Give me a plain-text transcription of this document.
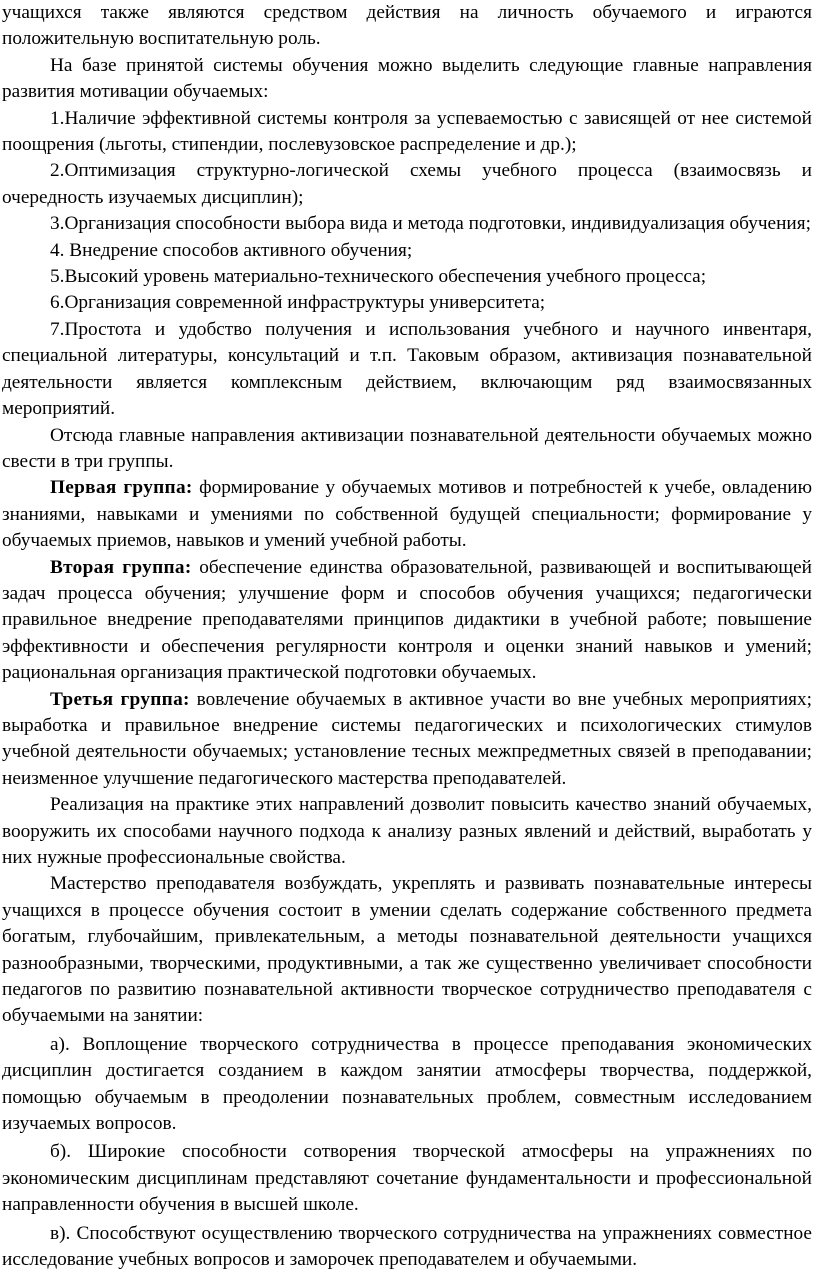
учащихся также являются средством действия на личность обучаемого и играются положительную воспитательную роль.

На базе принятой системы обучения можно выделить следующие главные направления развития мотивации обучаемых:

1.Наличие эффективной системы контроля за успеваемостью с зависящей от нее системой поощрения (льготы, стипендии, послевузовское распределение и др.);

2.Оптимизация структурно-логической схемы учебного процесса (взаимосвязь и очередность изучаемых дисциплин);

3.Организация способности выбора вида и метода подготовки, индивидуализация обучения;

4. Внедрение способов активного обучения;

5.Высокий уровень материально-технического обеспечения учебного процесса;

6.Организация современной инфраструктуры университета;

7.Простота и удобство получения и использования учебного и научного инвентаря, специальной литературы, консультаций и т.п. Таковым образом, активизация познавательной деятельности является комплексным действием, включающим ряд взаимосвязанных мероприятий.

Отсюда главные направления активизации познавательной деятельности обучаемых можно свести в три группы.

Первая группа: формирование у обучаемых мотивов и потребностей к учебе, овладению знаниями, навыками и умениями по собственной будущей специальности; формирование у обучаемых приемов, навыков и умений учебной работы.

Вторая группа: обеспечение единства образовательной, развивающей и воспитывающей задач процесса обучения; улучшение форм и способов обучения учащихся; педагогически правильное внедрение преподавателями принципов дидактики в учебной работе; повышение эффективности и обеспечения регулярности контроля и оценки знаний навыков и умений; рациональная организация практической подготовки обучаемых.

Третья группа: вовлечение обучаемых в активное участи во вне учебных мероприятиях; выработка и правильное внедрение системы педагогических и психологических стимулов учебной деятельности обучаемых; установление тесных межпредметных связей в преподавании; неизменное улучшение педагогического мастерства преподавателей.

Реализация на практике этих направлений дозволит повысить качество знаний обучаемых, вооружить их способами научного подхода к анализу разных явлений и действий, выработать у них нужные профессиональные свойства.

Мастерство преподавателя возбуждать, укреплять и развивать познавательные интересы учащихся в процессе обучения состоит в умении сделать содержание собственного предмета богатым, глубочайшим, привлекательным, а методы познавательной деятельности учащихся разнообразными, творческими, продуктивными, а так же существенно увеличивает способности педагогов по развитию познавательной активности творческое сотрудничество преподавателя с обучаемыми на занятии:

а). Воплощение творческого сотрудничества в процессе преподавания экономических дисциплин достигается созданием в каждом занятии атмосферы творчества, поддержкой, помощью обучаемым в преодолении познавательных проблем, совместным исследованием изучаемых вопросов.

б). Широкие способности сотворения творческой атмосферы на упражнениях по экономическим дисциплинам представляют сочетание фундаментальности и профессиональной направленности обучения в высшей школе.

в). Способствуют осуществлению творческого сотрудничества на упражнениях совместное исследование учебных вопросов и заморочек преподавателем и обучаемыми.
